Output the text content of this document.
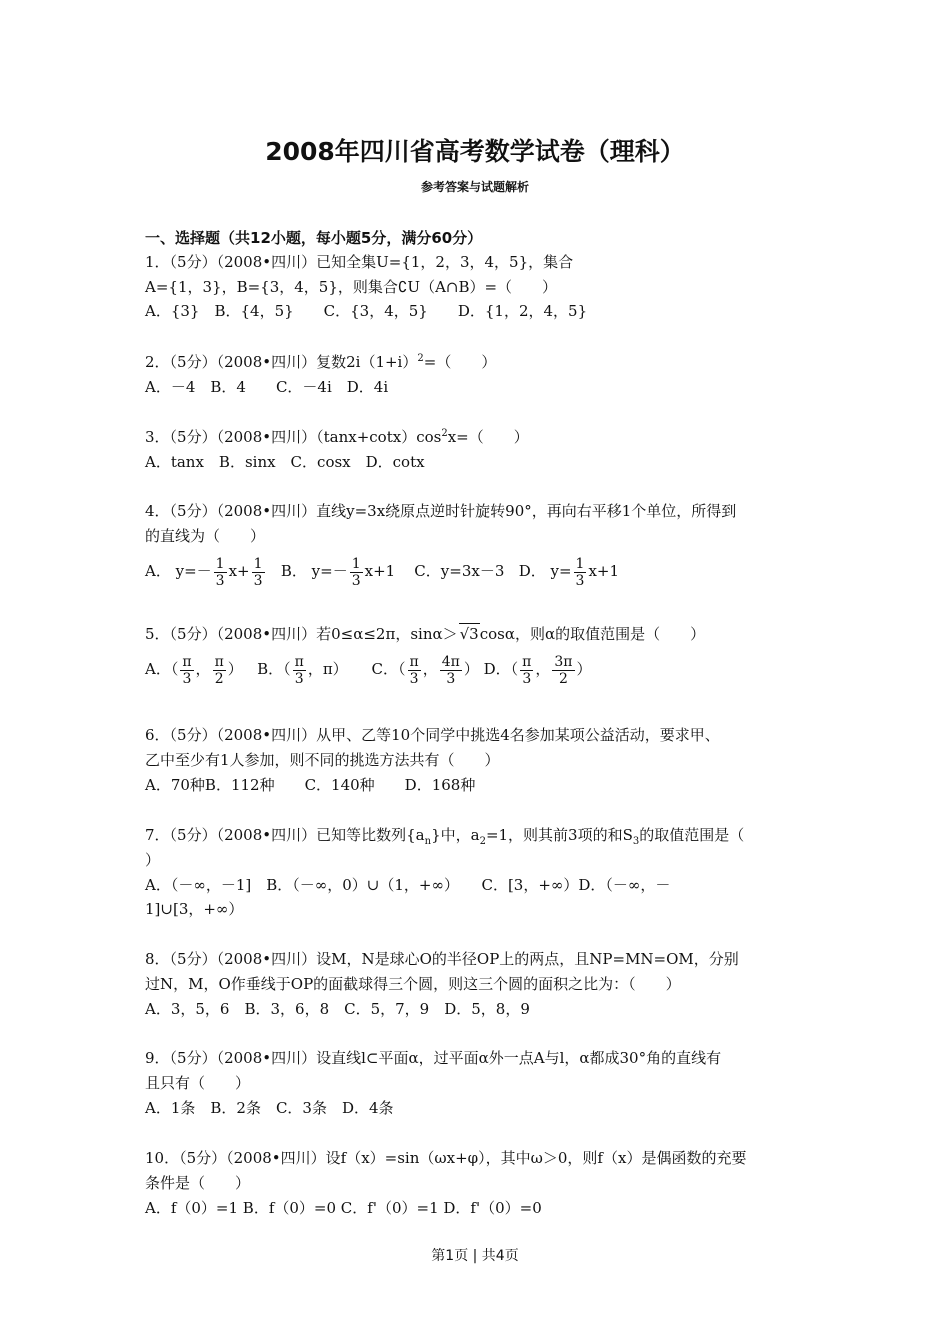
2008年四川省高考数学试卷（理科）
参考答案与试题解析
一、选择题（共12小题，每小题5分，满分60分）
1．（5分）（2008•四川）已知全集U={1，2，3，4，5}，集合
A={1，3}，B={3，4，5}，则集合∁U（A∩B）=（　　）
A．{3}　B．{4，5}　　C．{3，4，5}　　D．{1，2，4，5}
2．（5分）（2008•四川）复数$2i(1+i)^2=$（　　）
A．－4　B．4　　C．－4i　D．4i
3．（5分）（2008•四川）$(\tan x+\cot x)\cos^2x=$（　　）
A．tanx　B．sinx　C．cosx　D．cotx
4．（5分）（2008•四川）直线y=3x绕原点逆时针旋转90°，再向右平移1个单位，所得到
的直线为（　　）
A． $y=- \frac{1}{3} x+ \frac{1}{3}$ B． $y=- \frac{1}{3} x+1$ C．y=3x－3 D． $y= \frac{1}{3} x+1$
5．（5分）（2008•四川）若0≤α≤2π，sinα＞ √3cosα，则α的取值范围是（　　）
A．（ $\frac{\pi}{3}$ ， $\frac{\pi}{2}$ ） B．（ $\frac{\pi}{3}$ ，π） C．（ $\frac{\pi}{3}$ ， $\frac{4\pi}{3}$ ） D．（ $\frac{\pi}{3}$ ， $\frac{3\pi}{2}$ ）
6．（5分）（2008•四川）从甲、乙等10个同学中挑选4名参加某项公益活动，要求甲、
乙中至少有1人参加，则不同的挑选方法共有（　　）
A．70种B．112种　　C．140种　　D．168种
7．（5分）（2008•四川）已知等比数列$\{a_n\}$中，$a_2=1$，则其前3项的和$S_3$的取值范围是（
）
A．（－∞，－1]　B．（－∞，0）∪（1，+∞）　　C．[3，+∞）D．（－∞，－
1]∪[3，+∞）
8．（5分）（2008•四川）设M，N是球心O的半径OP上的两点，且NP=MN=OM，分别
过N，M，O作垂线于OP的面截球得三个圆，则这三个圆的面积之比为：（　　）
A．3，5，6　B．3，6，8　C．5，7，9　D．5，8，9
9．（5分）（2008•四川）设直线l⊂平面α，过平面α外一点A与l，α都成30°角的直线有
且只有（　　）
A．1条　B．2条　C．3条　D．4条
10．（5分）（2008•四川）设f（x）=sin（ωx+φ），其中ω＞0，则f（x）是偶函数的充要
条件是（　　）
A．f（0）=1 B．f（0）=0 C．f'（0）=1 D．f'（0）=0
第1页 | 共4页
